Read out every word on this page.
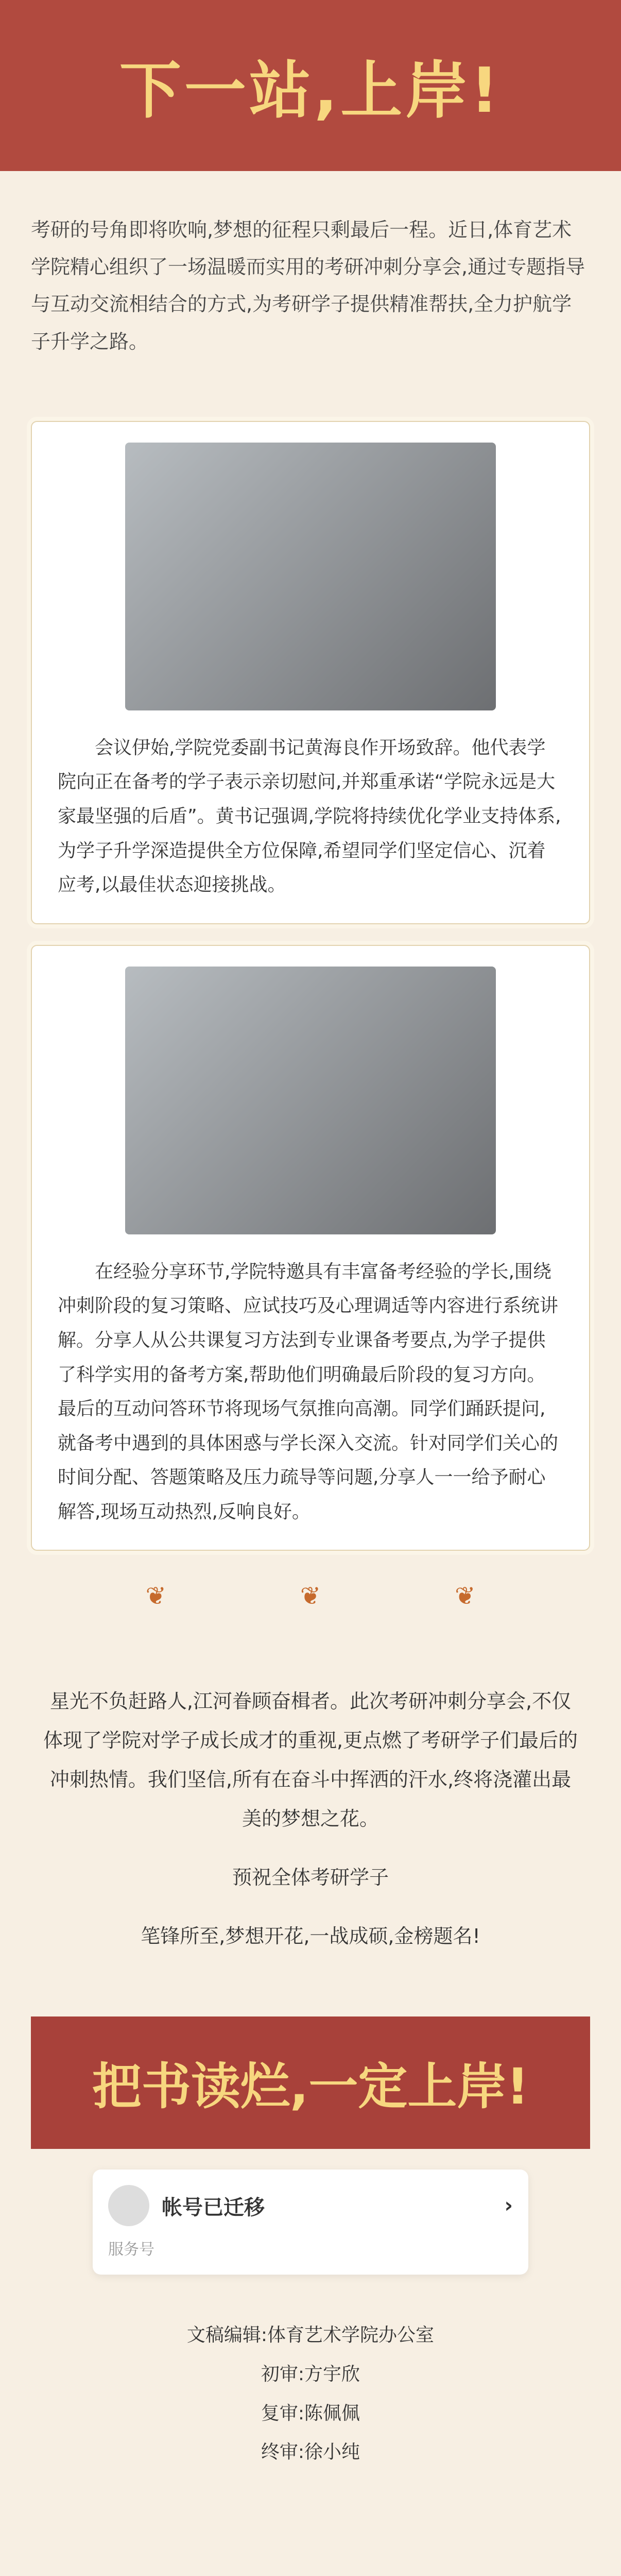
下一站,上岸!

考研的号角即将吹响,梦想的征程只剩最后一程。近日,体育艺术学院精心组织了一场温暖而实用的考研冲刺分享会,通过专题指导与互动交流相结合的方式,为考研学子提供精准帮扶,全力护航学子升学之路。

会议伊始,学院党委副书记黄海良作开场致辞。他代表学院向正在备考的学子表示亲切慰问,并郑重承诺“学院永远是大家最坚强的后盾”。黄书记强调,学院将持续优化学业支持体系,为学子升学深造提供全方位保障,希望同学们坚定信心、沉着应考,以最佳状态迎接挑战。

在经验分享环节,学院特邀具有丰富备考经验的学长,围绕冲刺阶段的复习策略、应试技巧及心理调适等内容进行系统讲解。分享人从公共课复习方法到专业课备考要点,为学子提供了科学实用的备考方案,帮助他们明确最后阶段的复习方向。最后的互动问答环节将现场气氛推向高潮。同学们踊跃提问,就备考中遇到的具体困惑与学长深入交流。针对同学们关心的时间分配、答题策略及压力疏导等问题,分享人一一给予耐心解答,现场互动热烈,反响良好。

❦	❦	❦

星光不负赶路人,江河眷顾奋楫者。此次考研冲刺分享会,不仅体现了学院对学子成长成才的重视,更点燃了考研学子们最后的冲刺热情。我们坚信,所有在奋斗中挥洒的汗水,终将浇灌出最美的梦想之花。

预祝全体考研学子

笔锋所至,梦想开花,一战成硕,金榜题名!

把书读烂,一定上岸!
帐号已迁移	›
服务号
文稿编辑:体育艺术学院办公室
初审:方宇欣
复审:陈佩佩
终审:徐小纯
